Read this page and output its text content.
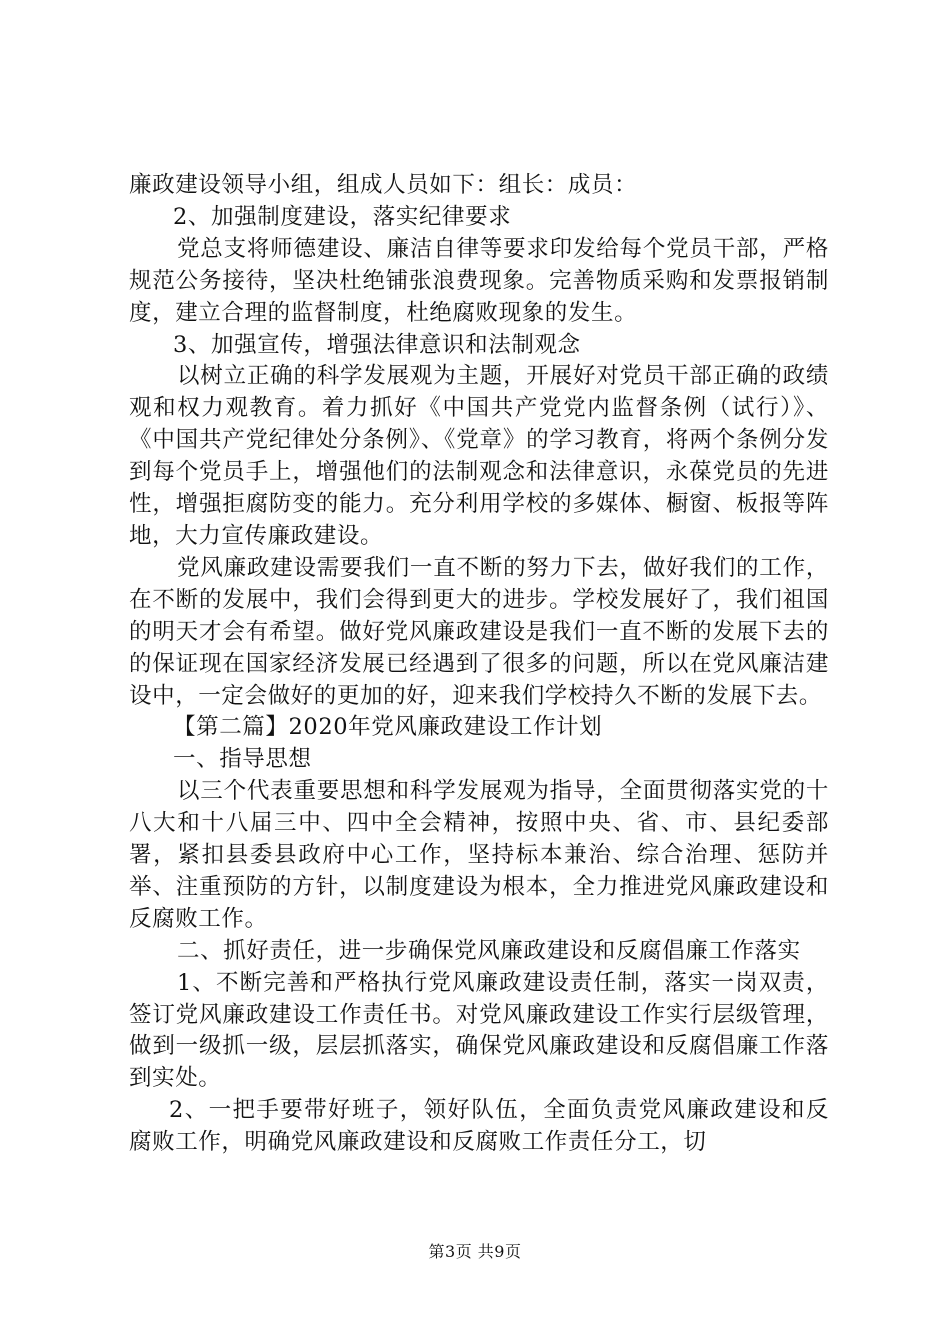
廉政建设领导小组，组成人员如下：组长：成员：

2、加强制度建设，落实纪律要求

党总支将师德建设、廉洁自律等要求印发给每个党员干部，严格规范公务接待，坚决杜绝铺张浪费现象。完善物质采购和发票报销制度，建立合理的监督制度，杜绝腐败现象的发生。

3、加强宣传，增强法律意识和法制观念

以树立正确的科学发展观为主题，开展好对党员干部正确的政绩观和权力观教育。着力抓好《中国共产党党内监督条例（试行）》、《中国共产党纪律处分条例》、《党章》的学习教育，将两个条例分发到每个党员手上，增强他们的法制观念和法律意识，永葆党员的先进性，增强拒腐防变的能力。充分利用学校的多媒体、橱窗、板报等阵地，大力宣传廉政建设。

党风廉政建设需要我们一直不断的努力下去，做好我们的工作，在不断的发展中，我们会得到更大的进步。学校发展好了，我们祖国的明天才会有希望。做好党风廉政建设是我们一直不断的发展下去的的保证现在国家经济发展已经遇到了很多的问题，所以在党风廉洁建设中，一定会做好的更加的好，迎来我们学校持久不断的发展下去。

【第二篇】2020年党风廉政建设工作计划

一、指导思想

以三个代表重要思想和科学发展观为指导，全面贯彻落实党的十八大和十八届三中、四中全会精神，按照中央、省、市、县纪委部署，紧扣县委县政府中心工作，坚持标本兼治、综合治理、惩防并举、注重预防的方针，以制度建设为根本，全力推进党风廉政建设和反腐败工作。

二、抓好责任，进一步确保党风廉政建设和反腐倡廉工作落实

1、不断完善和严格执行党风廉政建设责任制，落实一岗双责，签订党风廉政建设工作责任书。对党风廉政建设工作实行层级管理，做到一级抓一级，层层抓落实，确保党风廉政建设和反腐倡廉工作落到实处。

2、一把手要带好班子，领好队伍，全面负责党风廉政建设和反腐败工作，明确党风廉政建设和反腐败工作责任分工，切

第3页 共9页
